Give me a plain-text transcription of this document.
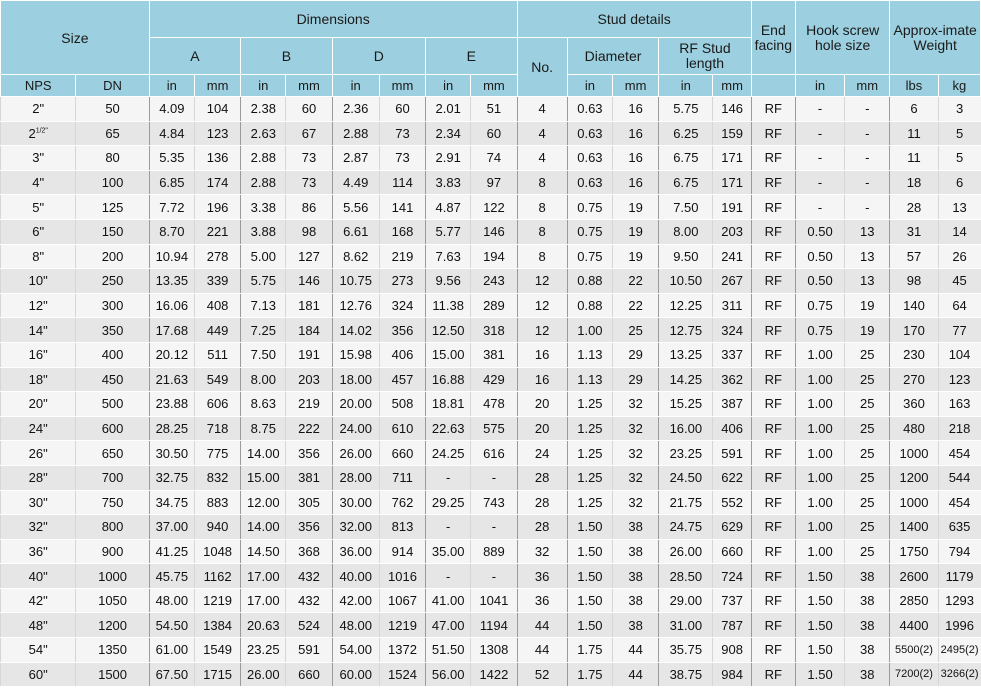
Size		Dimensions								Stud details					End facing	Hook screw hole size		Approx-imate Weight	
		A		B		D		E		No.	Diameter		RF Stud length						
NPS	DN	in	mm	in	mm	in	mm	in	mm		in	mm	in	mm		in	mm	lbs	kg
2"	50	4.09	104	2.38	60	2.36	60	2.01	51	4	0.63	16	5.75	146	RF	-	-	6	3
$2^{1/2"}$	65	4.84	123	2.63	67	2.88	73	2.34	60	4	0.63	16	6.25	159	RF	-	-	11	5
3"	80	5.35	136	2.88	73	2.87	73	2.91	74	4	0.63	16	6.75	171	RF	-	-	11	5
4"	100	6.85	174	2.88	73	4.49	114	3.83	97	8	0.63	16	6.75	171	RF	-	-	18	6
5"	125	7.72	196	3.38	86	5.56	141	4.87	122	8	0.75	19	7.50	191	RF	-	-	28	13
6"	150	8.70	221	3.88	98	6.61	168	5.77	146	8	0.75	19	8.00	203	RF	0.50	13	31	14
8"	200	10.94	278	5.00	127	8.62	219	7.63	194	8	0.75	19	9.50	241	RF	0.50	13	57	26
10"	250	13.35	339	5.75	146	10.75	273	9.56	243	12	0.88	22	10.50	267	RF	0.50	13	98	45
12"	300	16.06	408	7.13	181	12.76	324	11.38	289	12	0.88	22	12.25	311	RF	0.75	19	140	64
14"	350	17.68	449	7.25	184	14.02	356	12.50	318	12	1.00	25	12.75	324	RF	0.75	19	170	77
16"	400	20.12	511	7.50	191	15.98	406	15.00	381	16	1.13	29	13.25	337	RF	1.00	25	230	104
18"	450	21.63	549	8.00	203	18.00	457	16.88	429	16	1.13	29	14.25	362	RF	1.00	25	270	123
20"	500	23.88	606	8.63	219	20.00	508	18.81	478	20	1.25	32	15.25	387	RF	1.00	25	360	163
24"	600	28.25	718	8.75	222	24.00	610	22.63	575	20	1.25	32	16.00	406	RF	1.00	25	480	218
26"	650	30.50	775	14.00	356	26.00	660	24.25	616	24	1.25	32	23.25	591	RF	1.00	25	1000	454
28"	700	32.75	832	15.00	381	28.00	711	-	-	28	1.25	32	24.50	622	RF	1.00	25	1200	544
30"	750	34.75	883	12.00	305	30.00	762	29.25	743	28	1.25	32	21.75	552	RF	1.00	25	1000	454
32"	800	37.00	940	14.00	356	32.00	813	-	-	28	1.50	38	24.75	629	RF	1.00	25	1400	635
36"	900	41.25	1048	14.50	368	36.00	914	35.00	889	32	1.50	38	26.00	660	RF	1.00	25	1750	794
40"	1000	45.75	1162	17.00	432	40.00	1016	-	-	36	1.50	38	28.50	724	RF	1.50	38	2600	1179
42"	1050	48.00	1219	17.00	432	42.00	1067	41.00	1041	36	1.50	38	29.00	737	RF	1.50	38	2850	1293
48"	1200	54.50	1384	20.63	524	48.00	1219	47.00	1194	44	1.50	38	31.00	787	RF	1.50	38	4400	1996
54"	1350	61.00	1549	23.25	591	54.00	1372	51.50	1308	44	1.75	44	35.75	908	RF	1.50	38	5500(2)	2495(2)
60"	1500	67.50	1715	26.00	660	60.00	1524	56.00	1422	52	1.75	44	38.75	984	RF	1.50	38	7200(2)	3266(2)
